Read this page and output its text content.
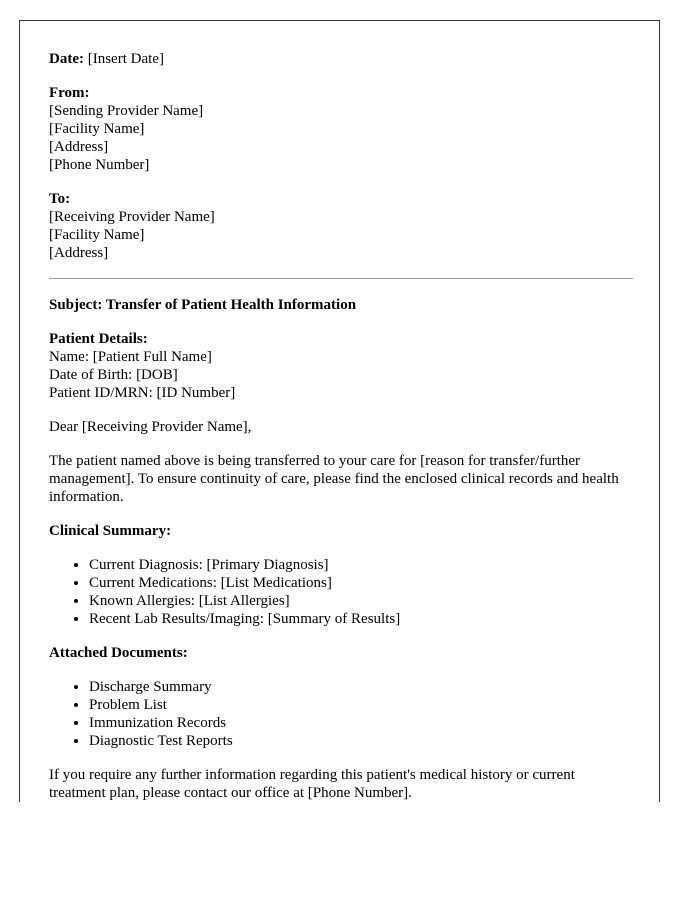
Date: [Insert Date]
From:
[Sending Provider Name]
[Facility Name]
[Address]
[Phone Number]
To:
[Receiving Provider Name]
[Facility Name]
[Address]
Subject: Transfer of Patient Health Information
Patient Details:
Name: [Patient Full Name]
Date of Birth: [DOB]
Patient ID/MRN: [ID Number]
Dear [Receiving Provider Name],

The patient named above is being transferred to your care for [reason for transfer/further management]. To ensure continuity of care, please find the enclosed clinical records and health information.

Clinical Summary:
• Current Diagnosis: [Primary Diagnosis]
• Current Medications: [List Medications]
• Known Allergies: [List Allergies]
• Recent Lab Results/Imaging: [Summary of Results]
Attached Documents:
• Discharge Summary
• Problem List
• Immunization Records
• Diagnostic Test Reports

If you require any further information regarding this patient's medical history or current treatment plan, please contact our office at [Phone Number].
